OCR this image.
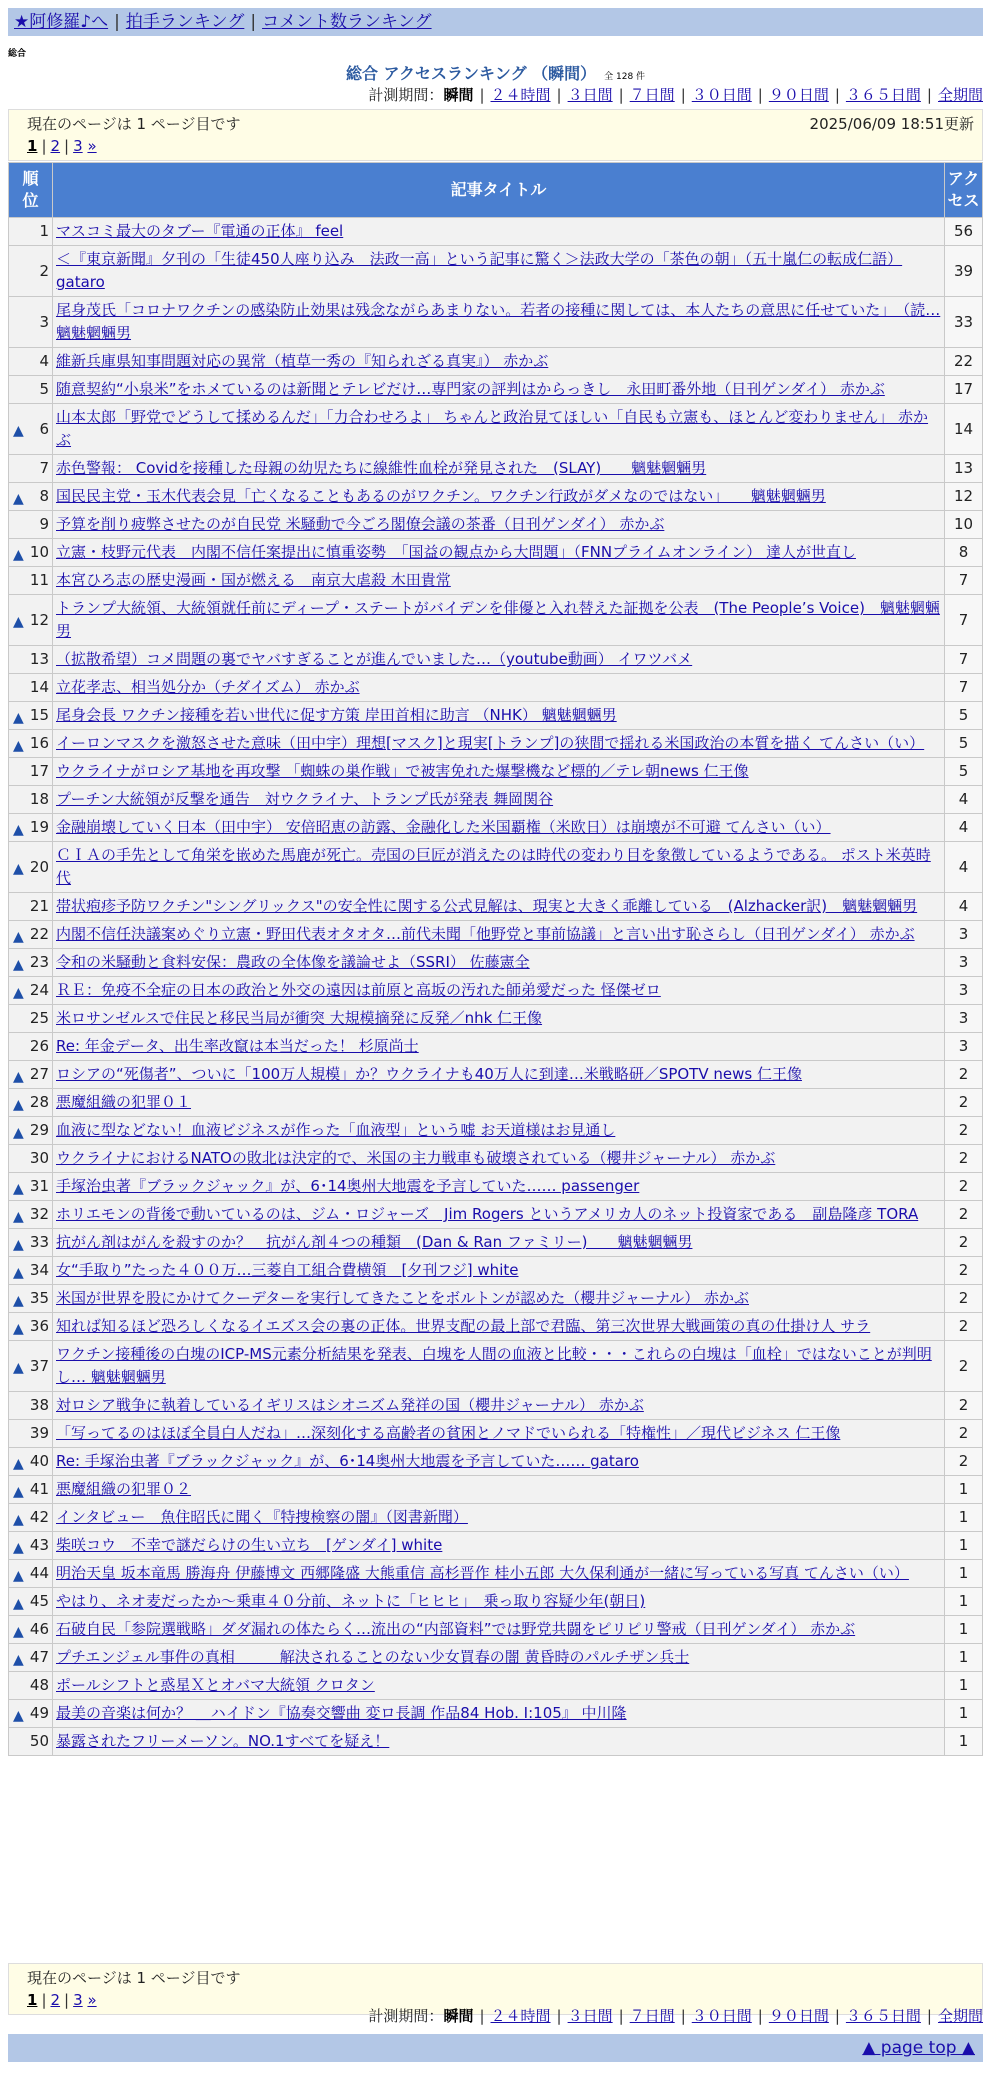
★阿修羅♪へ | 拍手ランキング | コメント数ランキング
総合
総合 アクセスランキング （瞬間） 全 128 件
計測期間：瞬間 | ２４時間 | ３日間 | ７日間 | ３０日間 | ９０日間 | ３６５日間 | 全期間
現在のページは 1 ページ目です	2025/06/09 18:51更新
1 | 2 | 3 »
順位	記事タイトル	アクセス
1	マスコミ最大のタブー『電通の正体』 feel	56
2	＜『東京新聞』夕刊の「生徒450人座り込み　法政一高」という記事に驚く＞法政大学の「茶色の朝」（五十嵐仁の転成仁語） gataro	39
3	尾身茂氏「コロナワクチンの感染防止効果は残念ながらあまりない。若者の接種に関しては、本人たちの意思に任せていた」　（読… 魑魅魍魎男	33
4	維新兵庫県知事問題対応の異常（植草一秀の『知られざる真実』） 赤かぶ	22
5	随意契約“小泉米”をホメているのは新聞とテレビだけ…専門家の評判はからっきし　永田町番外地（日刊ゲンダイ） 赤かぶ	17

▲ 6	山本太郎「野党でどうして揉めるんだ」「力合わせろよ」 ちゃんと政治見てほしい「自民も立憲も、ほとんど変わりません」 赤かぶ	14
7	赤色警報： Covidを接種した母親の幼児たちに線維性血栓が発見された　(SLAY)　　魑魅魍魎男	13

▲ 8	国民民主党・玉木代表会見「亡くなることもあるのがワクチン。ワクチン行政がダメなのではない」　　魑魅魍魎男	12
9	予算を削り疲弊させたのが自民党 米騒動で今ごろ閣僚会議の茶番（日刊ゲンダイ） 赤かぶ	10

▲ 10	立憲・枝野元代表　内閣不信任案提出に慎重姿勢　「国益の観点から大問題」（FNNプライムオンライン） 達人が世直し	8
11	本宮ひろ志の歴史漫画・国が燃える　南京大虐殺 木田貴常	7

▲ 12	トランプ大統領、大統領就任前にディープ・ステートがバイデンを俳優と入れ替えた証拠を公表　(The People’s Voice)　魑魅魍魎男	7
13	（拡散希望）コメ問題の裏でヤバすぎることが進んでいました…（youtube動画） イワツバメ	7
14	立花孝志、相当処分か（チダイズム） 赤かぶ	7

▲ 15	尾身会長 ワクチン接種を若い世代に促す方策 岸田首相に助言 （NHK） 魑魅魍魎男	5

▲ 16	イーロンマスクを激怒させた意味（田中宇）理想[マスク]と現実[トランプ]の狭間で揺れる米国政治の本質を描く てんさい（い）	5
17	ウクライナがロシア基地を再攻撃 「蜘蛛の巣作戦」で被害免れた爆撃機など標的／テレ朝news 仁王像	5
18	プーチン大統領が反撃を通告　対ウクライナ、トランプ氏が発表 舞岡関谷	4

▲ 19	金融崩壊していく日本（田中宇） 安倍昭恵の訪露、金融化した米国覇権（米欧日）は崩壊が不可避 てんさい（い）	4

▲ 20	ＣＩＡの手先として角栄を嵌めた馬鹿が死亡。売国の巨匠が消えたのは時代の変わり目を象徴しているようである。 ポスト米英時代	4
21	帯状疱疹予防ワクチン"シングリックス"の安全性に関する公式見解は、現実と大きく乖離している　(Alzhacker訳)　魑魅魍魎男	4

▲ 22	内閣不信任決議案めぐり立憲・野田代表オタオタ…前代未聞「他野党と事前協議」と言い出す恥さらし（日刊ゲンダイ） 赤かぶ	3

▲ 23	令和の米騒動と食料安保：農政の全体像を議論せよ（SSRI） 佐藤憲全	3

▲ 24	ＲＥ：免疫不全症の日本の政治と外交の遠因は前原と高坂の汚れた師弟愛だった 怪傑ゼロ	3
25	米ロサンゼルスで住民と移民当局が衝突 大規模摘発に反発／nhk 仁王像	3
26	Re: 年金データ、出生率改竄は本当だった！ 杉原尚士	3

▲ 27	ロシアの“死傷者”、ついに「100万人規模」か？ウクライナも40万人に到達…米戦略研／SPOTV news 仁王像	2

▲ 28	悪魔組織の犯罪０１	2

▲ 29	血液に型などない！血液ビジネスが作った「血液型」という嘘 お天道様はお見通し	2
30	ウクライナにおけるNATOの敗北は決定的で、米国の主力戦車も破壊されている（櫻井ジャーナル） 赤かぶ	2

▲ 31	手塚治虫著『ブラックジャック』が、6･14奥州大地震を予言していた…… passenger	2

▲ 32	ホリエモンの背後で動いているのは、ジム・ロジャーズ　Jim Rogers というアメリカ人のネット投資家である　副島隆彦 TORA	2

▲ 33	抗がん剤はがんを殺すのか？　抗がん剤４つの種類　(Dan & Ran ファミリー)　　魑魅魍魎男	2

▲ 34	女“手取り”たった４００万…三菱自工組合費横領　[夕刊フジ] white	2

▲ 35	米国が世界を股にかけてクーデターを実行してきたことをボルトンが認めた（櫻井ジャーナル） 赤かぶ	2

▲ 36	知れば知るほど恐ろしくなるイエズス会の裏の正体。世界支配の最上部で君臨、第三次世界大戦画策の真の仕掛け人 サラ	2

▲ 37	ワクチン接種後の白塊のICP-MS元素分析結果を発表、白塊を人間の血液と比較・・・これらの白塊は「血栓」ではないことが判明し… 魑魅魍魎男	2
38	対ロシア戦争に執着しているイギリスはシオニズム発祥の国（櫻井ジャーナル） 赤かぶ	2
39	「写ってるのはほぼ全員白人だね」…深刻化する高齢者の貧困とノマドでいられる「特権性」／現代ビジネス 仁王像	2

▲ 40	Re: 手塚治虫著『ブラックジャック』が、6･14奥州大地震を予言していた…… gataro	2

▲ 41	悪魔組織の犯罪０２	1

▲ 42	インタビュー　魚住昭氏に聞く『特捜検察の闇』（図書新聞）	1

▲ 43	柴咲コウ　不幸で謎だらけの生い立ち　[ゲンダイ] white	1

▲ 44	明治天皇 坂本竜馬 勝海舟 伊藤博文 西郷隆盛 大熊重信 高杉晋作 桂小五郎 大久保利通が一緒に写っている写真 てんさい（い）	1

▲ 45	やはり、ネオ麦だったか〜乗車４０分前、ネットに「ヒヒヒ」　乗っ取り容疑少年(朝日)	1

▲ 46	石破自民「参院選戦略」ダダ漏れの体たらく…流出の“内部資料”では野党共闘をピリピリ警戒（日刊ゲンダイ） 赤かぶ	1

▲ 47	プチエンジェル事件の真相　　　解決されることのない少女買春の闇 黄昏時のパルチザン兵士	1
48	ポールシフトと惑星Ｘとオバマ大統領 クロタン	1

▲ 49	最美の音楽は何か？ ＿ハイドン『協奏交響曲 変ロ長調 作品84 Hob. I:105』 中川隆	1
50	暴露されたフリーメーソン。NO.1すべてを疑え！	1
現在のページは 1 ページ目です
1 | 2 | 3 »
計測期間：瞬間 | ２４時間 | ３日間 | ７日間 | ３０日間 | ９０日間 | ３６５日間 | 全期間
▲ page top ▲
